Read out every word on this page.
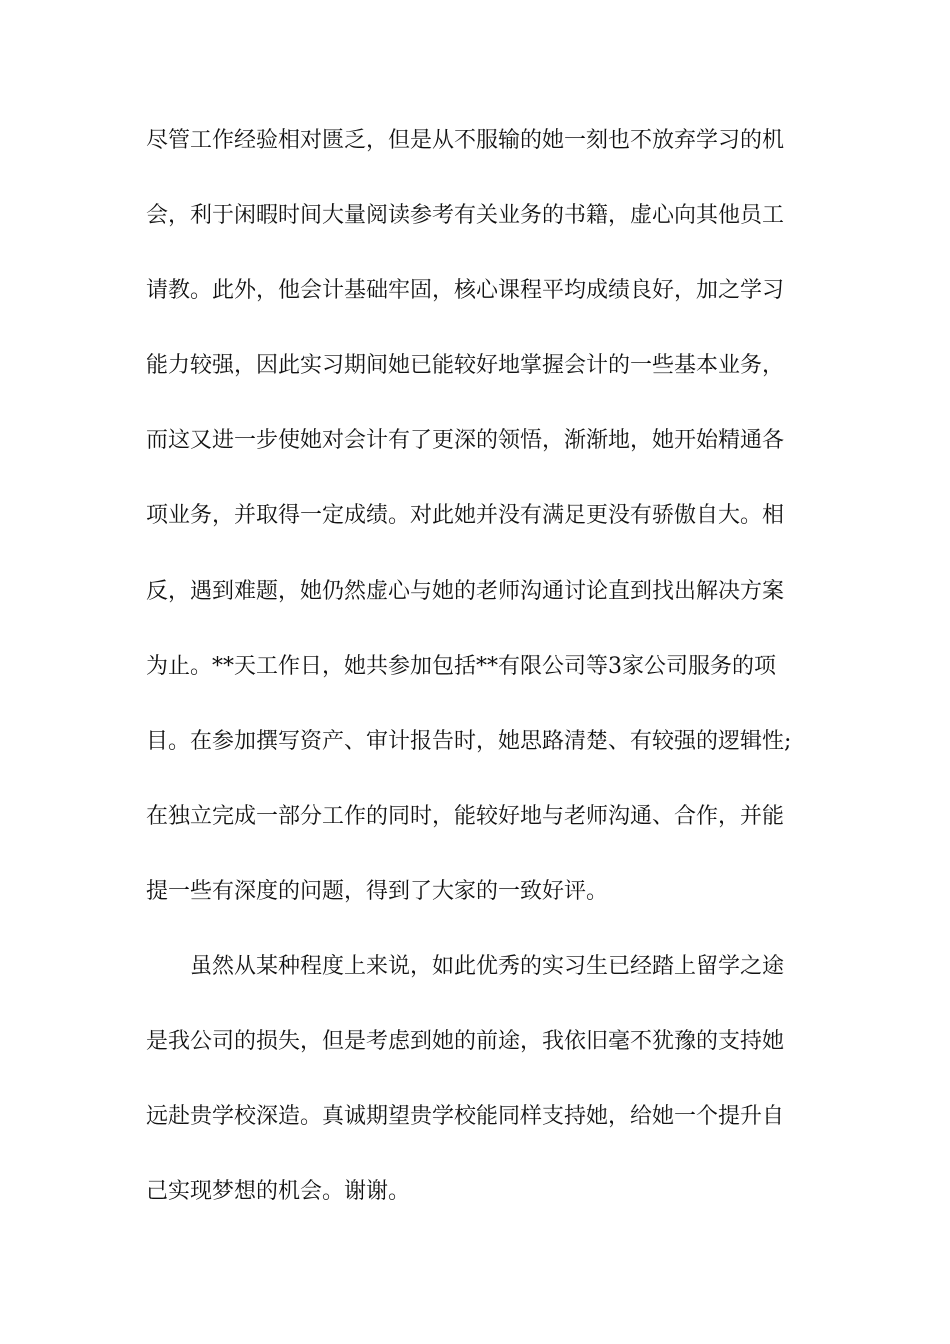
尽管工作经验相对匮乏，但是从不服输的她一刻也不放弃学习的机
会，利于闲暇时间大量阅读参考有关业务的书籍，虚心向其他员工
请教。此外，他会计基础牢固，核心课程平均成绩良好，加之学习
能力较强，因此实习期间她已能较好地掌握会计的一些基本业务，
而这又进一步使她对会计有了更深的领悟，渐渐地，她开始精通各
项业务，并取得一定成绩。对此她并没有满足更没有骄傲自大。相
反，遇到难题，她仍然虚心与她的老师沟通讨论直到找出解决方案
为止。**天工作日，她共参加包括**有限公司等3家公司服务的项
目。在参加撰写资产、审计报告时，她思路清楚、有较强的逻辑性;
在独立完成一部分工作的同时，能较好地与老师沟通、合作，并能
提一些有深度的问题，得到了大家的一致好评。
虽然从某种程度上来说，如此优秀的实习生已经踏上留学之途
是我公司的损失，但是考虑到她的前途，我依旧毫不犹豫的支持她
远赴贵学校深造。真诚期望贵学校能同样支持她，给她一个提升自
己实现梦想的机会。谢谢。
